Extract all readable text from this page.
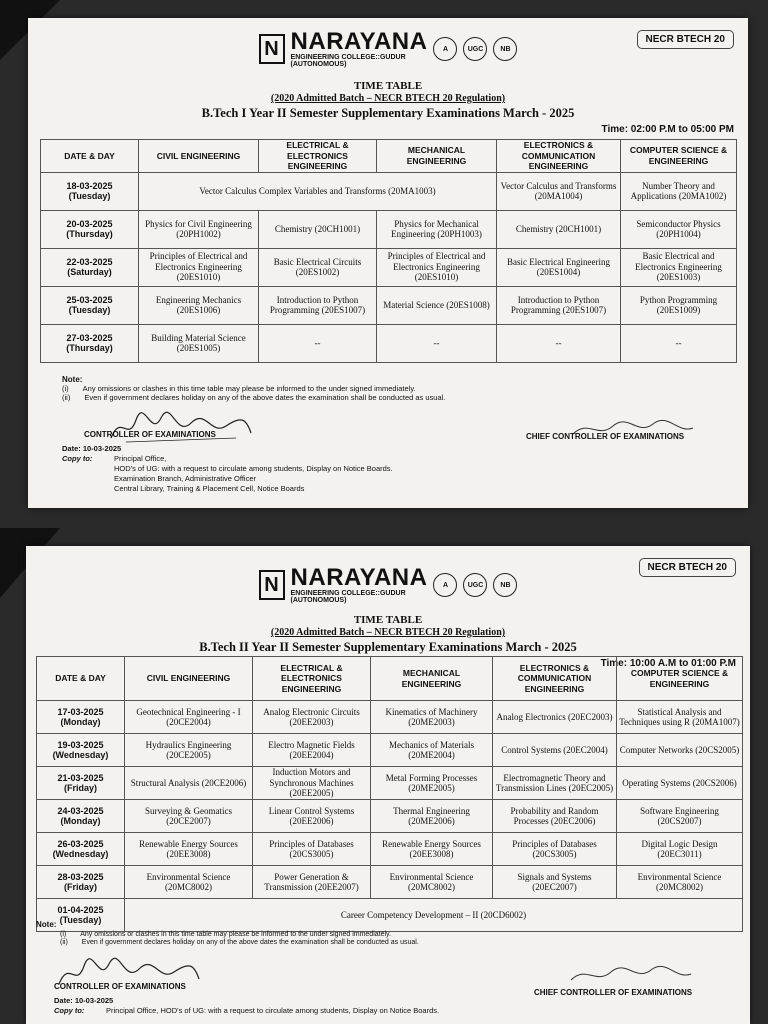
NECR BTECH 20
N NARAYANA
ENGINEERING COLLEGE::GUDUR
(AUTONOMOUS)
A	UGC	NB
TIME TABLE
(2020 Admitted Batch – NECR BTECH 20 Regulation)
B.Tech I Year II Semester Supplementary Examinations March - 2025
Time: 02:00 P.M to 05:00 PM
DATE & DAY	CIVIL ENGINEERING	ELECTRICAL & ELECTRONICS ENGINEERING	MECHANICAL ENGINEERING	ELECTRONICS & COMMUNICATION ENGINEERING	COMPUTER SCIENCE & ENGINEERING

18-03-2025
(Tuesday)	Vector Calculus Complex Variables and Transforms (20MA1003)			Vector Calculus and Transforms (20MA1004)	Number Theory and Applications (20MA1002)

20-03-2025
(Thursday)	Physics for Civil Engineering (20PH1002)	Chemistry (20CH1001)	Physics for Mechanical Engineering (20PH1003)	Chemistry (20CH1001)	Semiconductor Physics (20PH1004)

22-03-2025
(Saturday)	Principles of Electrical and Electronics Engineering (20ES1010)	Basic Electrical Circuits (20ES1002)	Principles of Electrical and Electronics Engineering (20ES1010)	Basic Electrical Engineering (20ES1004)	Basic Electrical and Electronics Engineering (20ES1003)

25-03-2025
(Tuesday)	Engineering Mechanics (20ES1006)	Introduction to Python Programming (20ES1007)	Material Science (20ES1008)	Introduction to Python Programming (20ES1007)	Python Programming (20ES1009)

27-03-2025
(Thursday)	Building Material Science (20ES1005)	--	--	--	--
Note:
(i) Any omissions or clashes in this time table may please be informed to the under signed immediately.
(ii) Even if government declares holiday on any of the above dates the examination shall be conducted as usual.
CONTROLLER OF EXAMINATIONS	CHIEF CONTROLLER OF EXAMINATIONS
Date: 10-03-2025
Copy to:	Principal Office,
HOD's of UG: with a request to circulate among students, Display on Notice Boards.
Examination Branch, Administrative Officer
Central Library, Training & Placement Cell, Notice Boards
NECR BTECH 20
N NARAYANA
ENGINEERING COLLEGE::GUDUR
(AUTONOMOUS)
A	UGC	NB
TIME TABLE
(2020 Admitted Batch – NECR BTECH 20 Regulation)
B.Tech II Year II Semester Supplementary Examinations March - 2025
Time: 10:00 A.M to 01:00 P.M
DATE & DAY	CIVIL ENGINEERING	ELECTRICAL & ELECTRONICS ENGINEERING	MECHANICAL ENGINEERING	ELECTRONICS & COMMUNICATION ENGINEERING	COMPUTER SCIENCE & ENGINEERING

17-03-2025
(Monday)	Geotechnical Engineering - I (20CE2004)	Analog Electronic Circuits (20EE2003)	Kinematics of Machinery (20ME2003)	Analog Electronics (20EC2003)	Statistical Analysis and Techniques using R (20MA1007)

19-03-2025
(Wednesday)	Hydraulics Engineering (20CE2005)	Electro Magnetic Fields (20EE2004)	Mechanics of Materials (20ME2004)	Control Systems (20EC2004)	Computer Networks (20CS2005)

21-03-2025
(Friday)	Structural Analysis (20CE2006)	Induction Motors and Synchronous Machines (20EE2005)	Metal Forming Processes (20ME2005)	Electromagnetic Theory and Transmission Lines (20EC2005)	Operating Systems (20CS2006)

24-03-2025
(Monday)	Surveying & Geomatics (20CE2007)	Linear Control Systems (20EE2006)	Thermal Engineering (20ME2006)	Probability and Random Processes (20EC2006)	Software Engineering (20CS2007)

26-03-2025
(Wednesday)	Renewable Energy Sources (20EE3008)	Principles of Databases (20CS3005)	Renewable Energy Sources (20EE3008)	Principles of Databases (20CS3005)	Digital Logic Design (20EC3011)

28-03-2025
(Friday)	Environmental Science (20MC8002)	Power Generation & Transmission (20EE2007)	Environmental Science (20MC8002)	Signals and Systems (20EC2007)	Environmental Science (20MC8002)

01-04-2025
(Tuesday)	Career Competency Development – II (20CD6002)				
Note:
(i) Any omissions or clashes in this time table may please be informed to the under signed immediately.
(ii) Even if government declares holiday on any of the above dates the examination shall be conducted as usual.
CONTROLLER OF EXAMINATIONS
CHIEF CONTROLLER OF EXAMINATIONS
Date: 10-03-2025
Copy to:	Principal Office, HOD's of UG: with a request to circulate among students, Display on Notice Boards.
